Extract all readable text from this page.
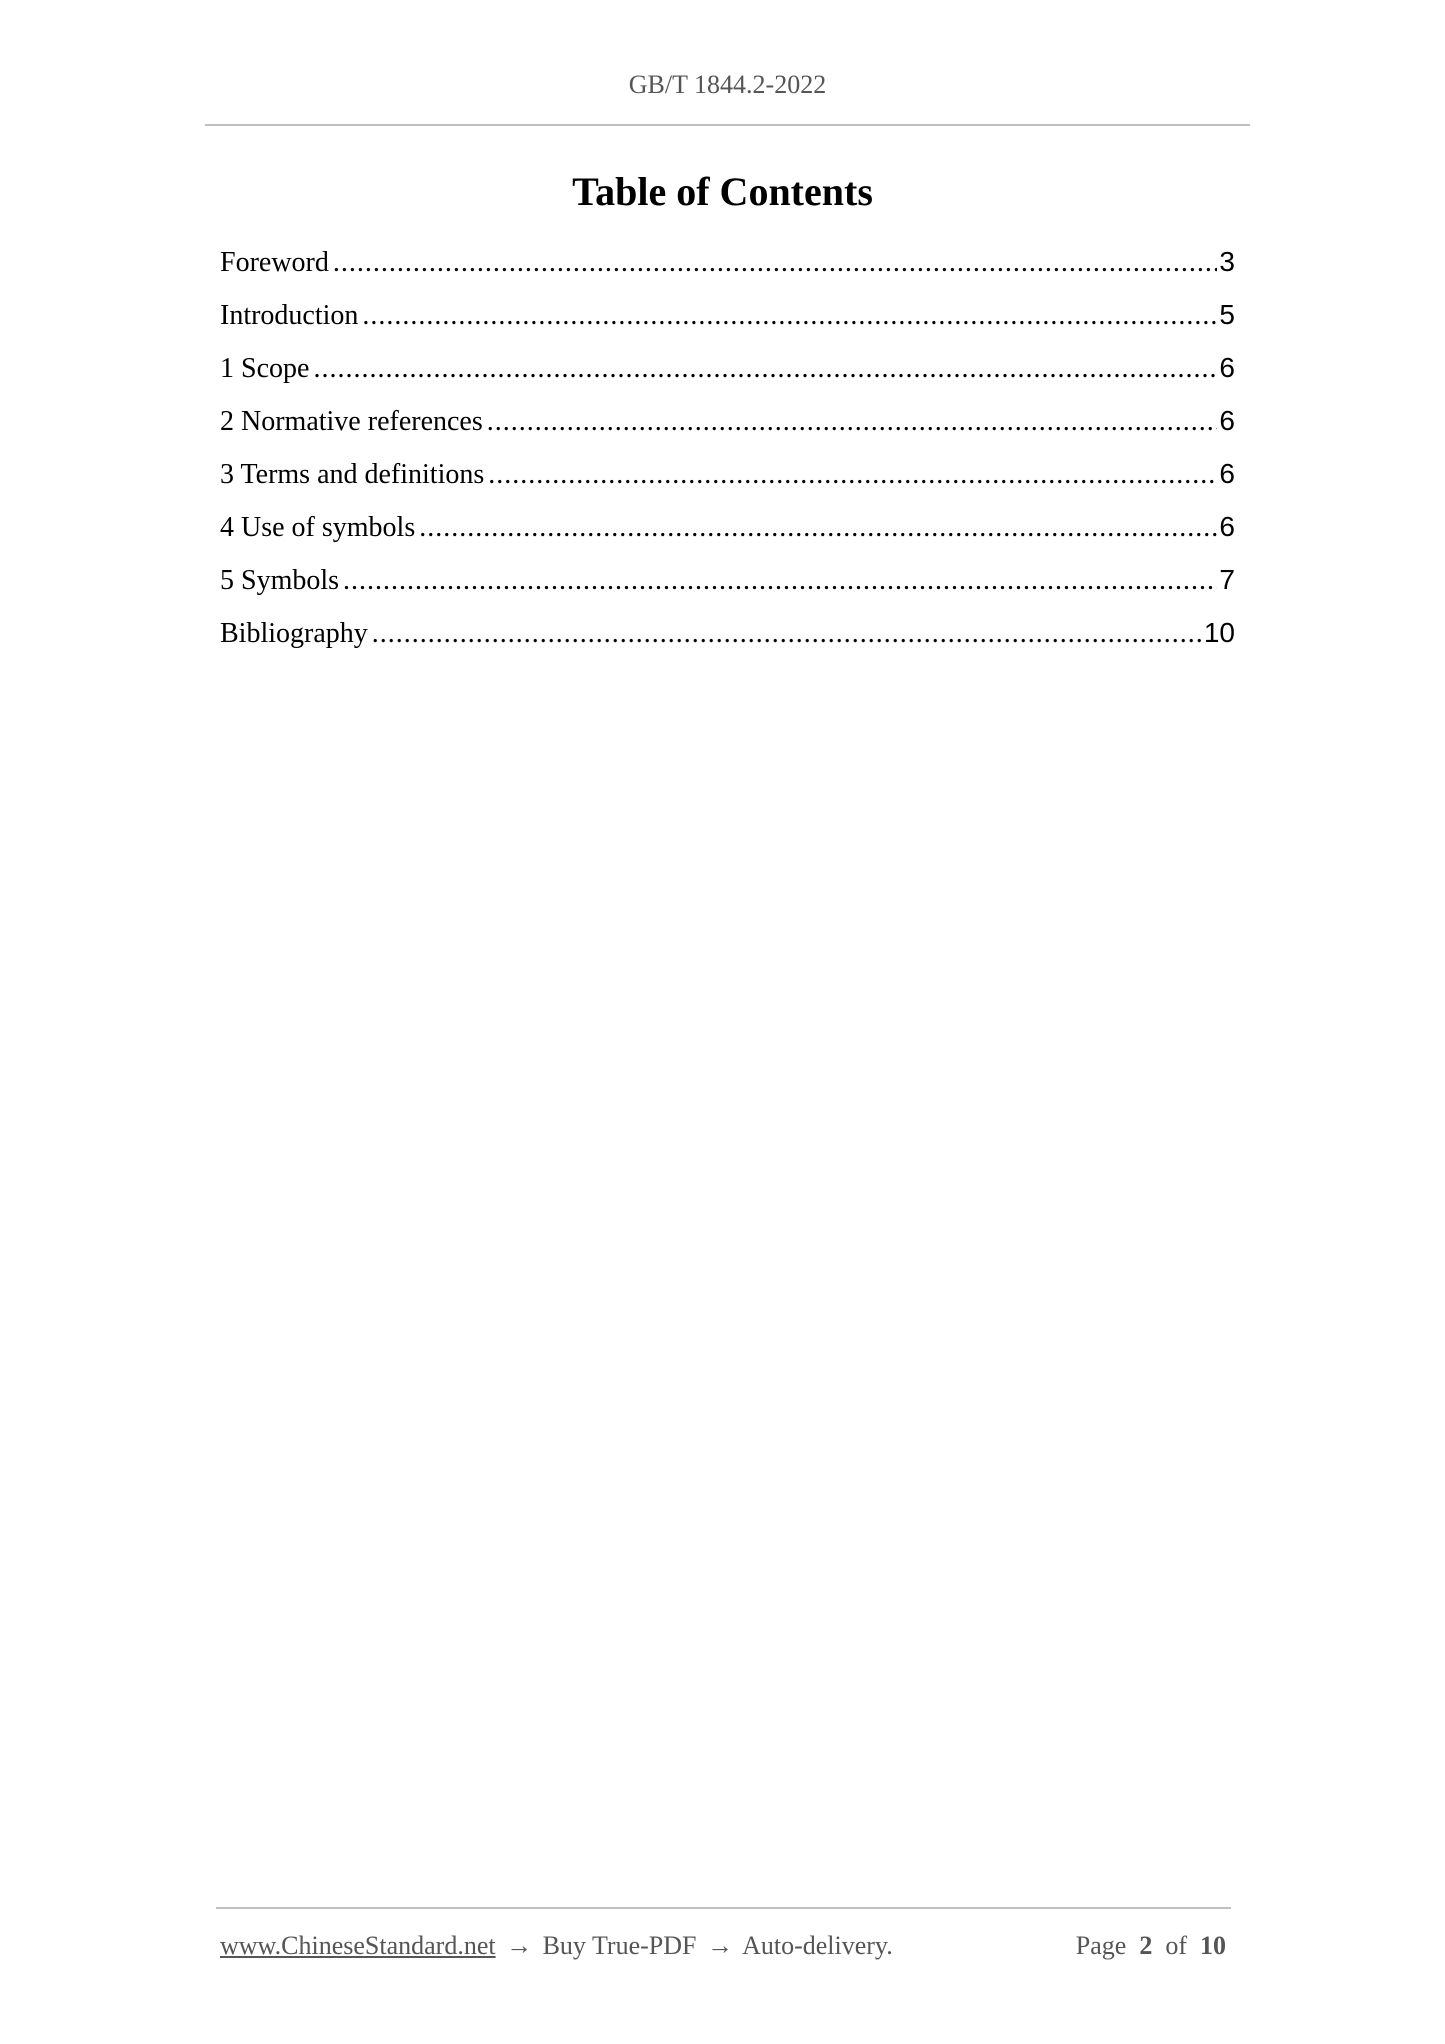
GB/T 1844.2-2022
Table of Contents
Foreword .....	3
Introduction .....	5
1 Scope .....	6
2 Normative references .....	6
3 Terms and definitions .....	6
4 Use of symbols .....	6
5 Symbols .....	7
Bibliography .....	10
www.ChineseStandard.net → Buy True-PDF → Auto-delivery.	Page 2 of 10
